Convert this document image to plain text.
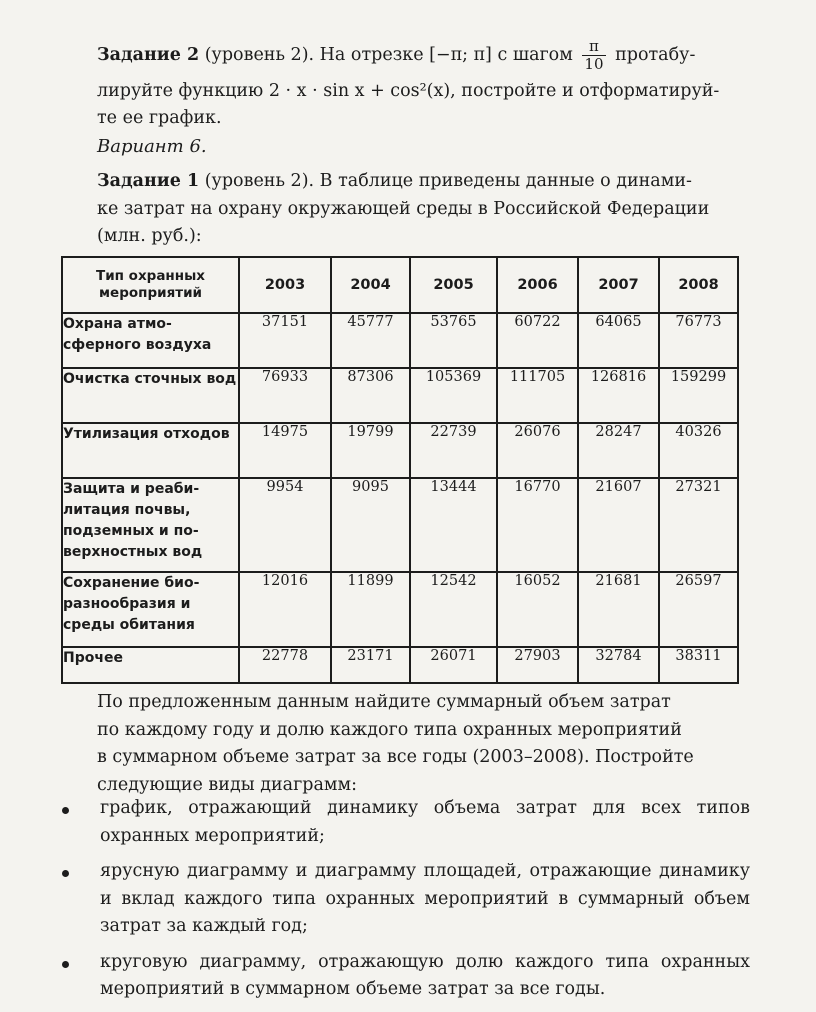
Задание 2 (уровень 2). На отрезке [−π; π] с шагом $\frac{\pi}{10}$ протабу-
лируйте функцию 2 · x · sin x + cos²(x), постройте и отформатируй-
те ее график.
Вариант 6.
Задание 1 (уровень 2). В таблице приведены данные о динами-
ке затрат на охрану окружающей среды в Российской Федерации
(млн. руб.):
Тип охранных мероприятий	2003	2004	2005	2006	2007	2008
Охрана атмо-сферного воздуха	37151	45777	53765	60722	64065	76773
Очистка сточных вод	76933	87306	105369	111705	126816	159299
Утилизация отходов	14975	19799	22739	26076	28247	40326
Защита и реаби-литация почвы, подземных и по-верхностных вод	9954	9095	13444	16770	21607	27321
Сохранение био-разнообразия и среды обитания	12016	11899	12542	16052	21681	26597
Прочее	22778	23171	26071	27903	32784	38311
По предложенным данным найдите суммарный объем затрат
по каждому году и долю каждого типа охранных мероприятий
в суммарном объеме затрат за все годы (2003–2008). Постройте
следующие виды диаграмм:
график, отражающий динамику объема затрат для всех типов охранных мероприятий;
ярусную диаграмму и диаграмму площадей, отражающие динамику и вклад каждого типа охранных мероприятий в суммарный объем затрат за каждый год;
круговую диаграмму, отражающую долю каждого типа охранных мероприятий в суммарном объеме затрат за все годы.
